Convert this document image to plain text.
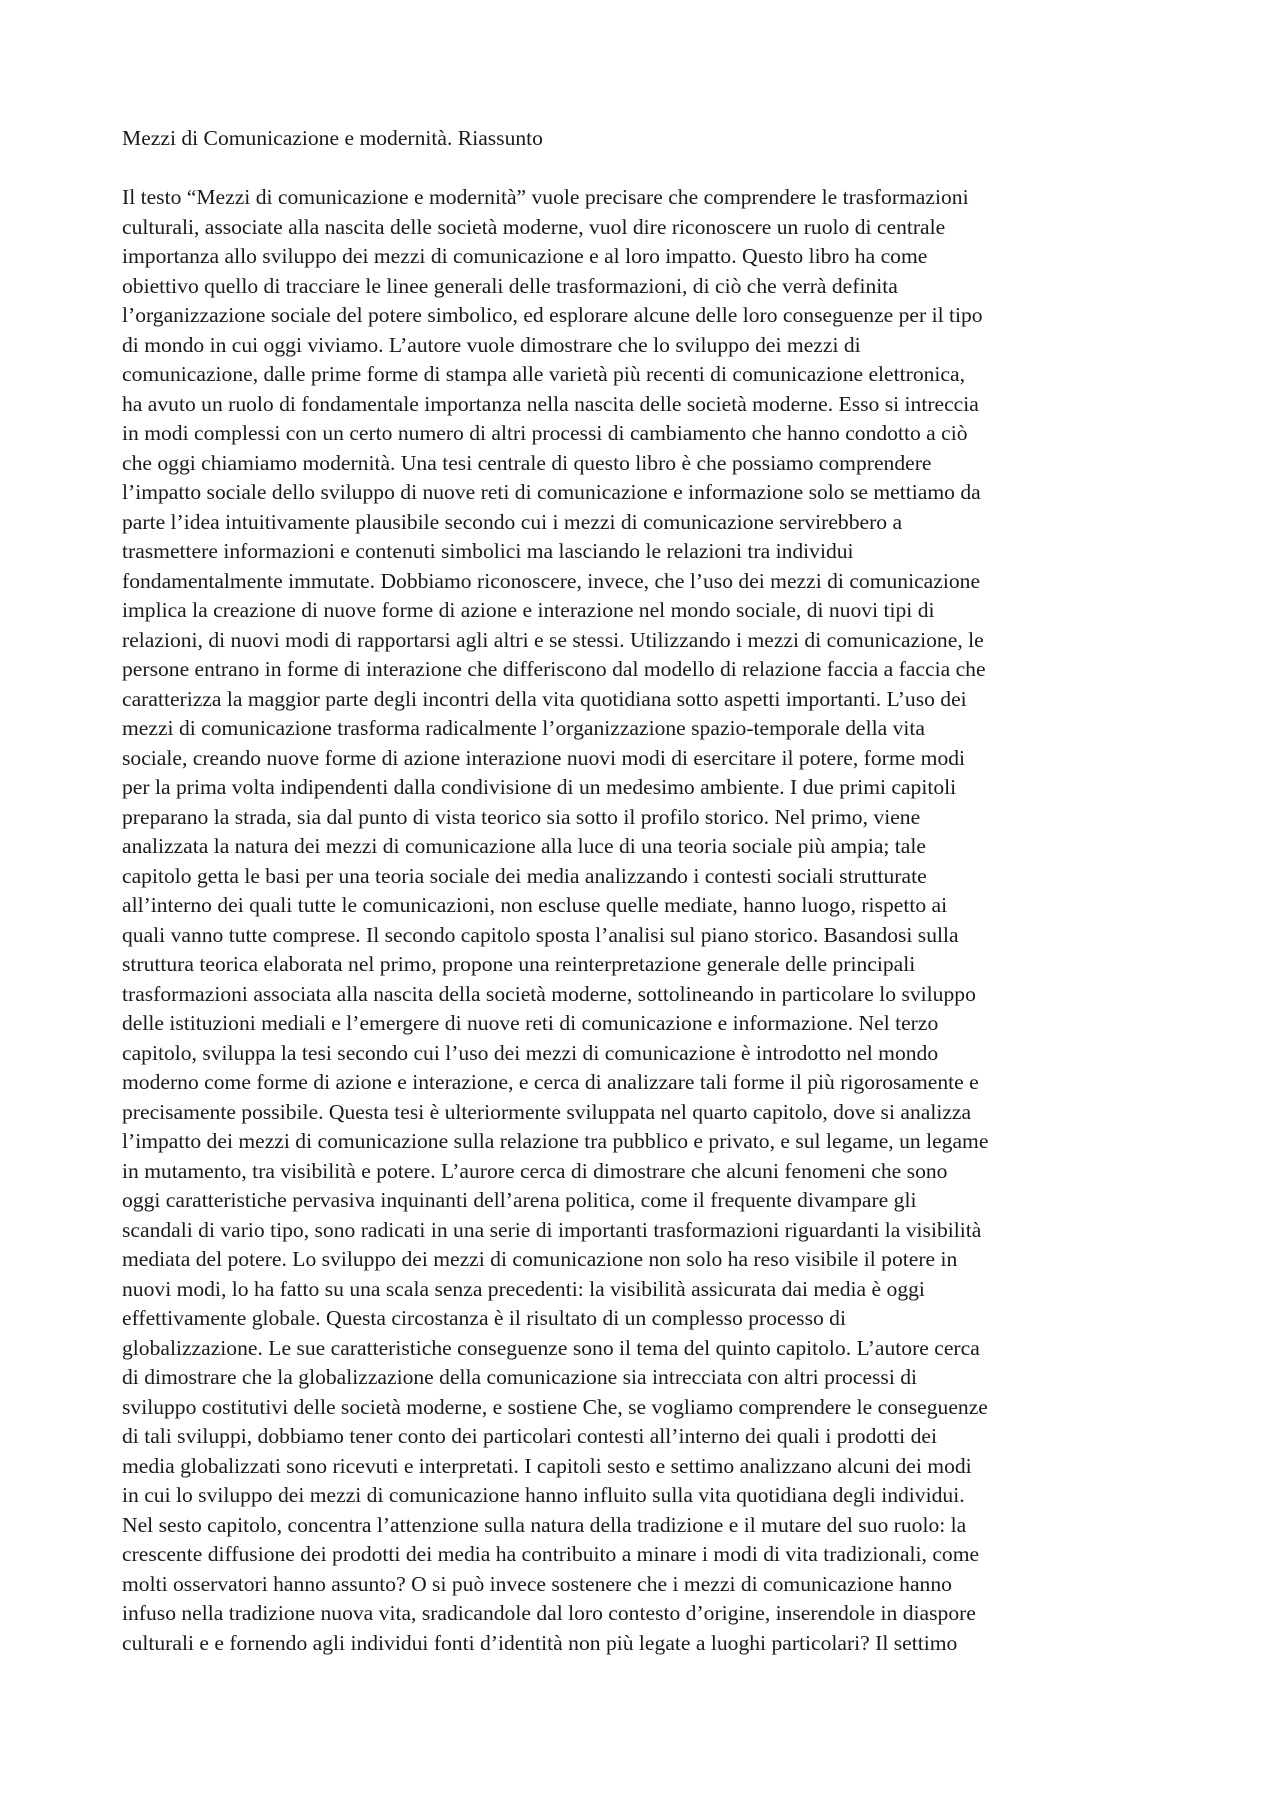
Mezzi di Comunicazione e modernità. Riassunto
Il testo “Mezzi di comunicazione e modernità” vuole precisare che comprendere le trasformazioni
culturali, associate alla nascita delle società moderne, vuol dire riconoscere un ruolo di centrale
importanza allo sviluppo dei mezzi di comunicazione e al loro impatto. Questo libro ha come
obiettivo quello di tracciare le linee generali delle trasformazioni, di ciò che verrà definita
l’organizzazione sociale del potere simbolico, ed esplorare alcune delle loro conseguenze per il tipo
di mondo in cui oggi viviamo. L’autore vuole dimostrare che lo sviluppo dei mezzi di
comunicazione, dalle prime forme di stampa alle varietà più recenti di comunicazione elettronica,
ha avuto un ruolo di fondamentale importanza nella nascita delle società moderne. Esso si intreccia
in modi complessi con un certo numero di altri processi di cambiamento che hanno condotto a ciò
che oggi chiamiamo modernità. Una tesi centrale di questo libro è che possiamo comprendere
l’impatto sociale dello sviluppo di nuove reti di comunicazione e informazione solo se mettiamo da
parte l’idea intuitivamente plausibile secondo cui i mezzi di comunicazione servirebbero a
trasmettere informazioni e contenuti simbolici ma lasciando le relazioni tra individui
fondamentalmente immutate. Dobbiamo riconoscere, invece, che l’uso dei mezzi di comunicazione
implica la creazione di nuove forme di azione e interazione nel mondo sociale, di nuovi tipi di
relazioni, di nuovi modi di rapportarsi agli altri e se stessi. Utilizzando i mezzi di comunicazione, le
persone entrano in forme di interazione che differiscono dal modello di relazione faccia a faccia che
caratterizza la maggior parte degli incontri della vita quotidiana sotto aspetti importanti. L’uso dei
mezzi di comunicazione trasforma radicalmente l’organizzazione spazio-temporale della vita
sociale, creando nuove forme di azione interazione nuovi modi di esercitare il potere, forme modi
per la prima volta indipendenti dalla condivisione di un medesimo ambiente. I due primi capitoli
preparano la strada, sia dal punto di vista teorico sia sotto il profilo storico. Nel primo, viene
analizzata la natura dei mezzi di comunicazione alla luce di una teoria sociale più ampia; tale
capitolo getta le basi per una teoria sociale dei media analizzando i contesti sociali strutturate
all’interno dei quali tutte le comunicazioni, non escluse quelle mediate, hanno luogo, rispetto ai
quali vanno tutte comprese. Il secondo capitolo sposta l’analisi sul piano storico. Basandosi sulla
struttura teorica elaborata nel primo, propone una reinterpretazione generale delle principali
trasformazioni associata alla nascita della società moderne, sottolineando in particolare lo sviluppo
delle istituzioni mediali e l’emergere di nuove reti di comunicazione e informazione. Nel terzo
capitolo, sviluppa la tesi secondo cui l’uso dei mezzi di comunicazione è introdotto nel mondo
moderno come forme di azione e interazione, e cerca di analizzare tali forme il più rigorosamente e
precisamente possibile. Questa tesi è ulteriormente sviluppata nel quarto capitolo, dove si analizza
l’impatto dei mezzi di comunicazione sulla relazione tra pubblico e privato, e sul legame, un legame
in mutamento, tra visibilità e potere. L’aurore cerca di dimostrare che alcuni fenomeni che sono
oggi caratteristiche pervasiva inquinanti dell’arena politica, come il frequente divampare gli
scandali di vario tipo, sono radicati in una serie di importanti trasformazioni riguardanti la visibilità
mediata del potere. Lo sviluppo dei mezzi di comunicazione non solo ha reso visibile il potere in
nuovi modi, lo ha fatto su una scala senza precedenti: la visibilità assicurata dai media è oggi
effettivamente globale. Questa circostanza è il risultato di un complesso processo di
globalizzazione. Le sue caratteristiche conseguenze sono il tema del quinto capitolo. L’autore cerca
di dimostrare che la globalizzazione della comunicazione sia intrecciata con altri processi di
sviluppo costitutivi delle società moderne, e sostiene Che, se vogliamo comprendere le conseguenze
di tali sviluppi, dobbiamo tener conto dei particolari contesti all’interno dei quali i prodotti dei
media globalizzati sono ricevuti e interpretati. I capitoli sesto e settimo analizzano alcuni dei modi
in cui lo sviluppo dei mezzi di comunicazione hanno influito sulla vita quotidiana degli individui.
Nel sesto capitolo, concentra l’attenzione sulla natura della tradizione e il mutare del suo ruolo: la
crescente diffusione dei prodotti dei media ha contribuito a minare i modi di vita tradizionali, come
molti osservatori hanno assunto? O si può invece sostenere che i mezzi di comunicazione hanno
infuso nella tradizione nuova vita, sradicandole dal loro contesto d’origine, inserendole in diaspore
culturali e e fornendo agli individui fonti d’identità non più legate a luoghi particolari? Il settimo
